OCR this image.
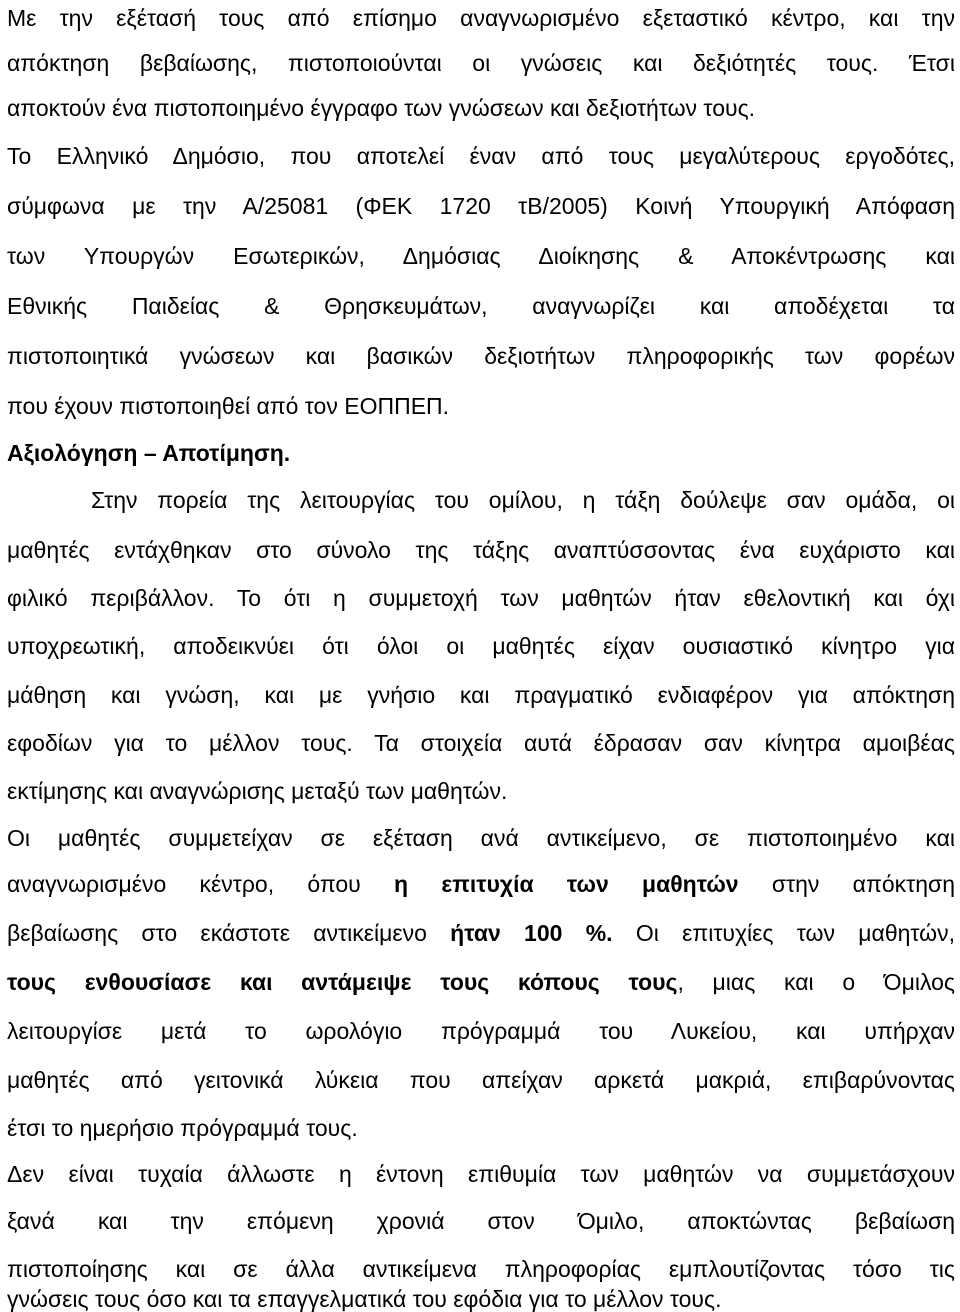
Με την εξέτασή τους από επίσημο αναγνωρισμένο εξεταστικό κέντρο, και την
απόκτηση βεβαίωσης, πιστοποιούνται οι γνώσεις και δεξιότητές τους. Έτσι
αποκτούν ένα πιστοποιημένο έγγραφο των γνώσεων και δεξιοτήτων τους.
Το Ελληνικό Δημόσιο, που αποτελεί έναν από τους μεγαλύτερους εργοδότες,
σύμφωνα με την Α/25081 (ΦΕΚ 1720 τΒ/2005) Κοινή Υπουργική Απόφαση
των Υπουργών Εσωτερικών, Δημόσιας Διοίκησης & Αποκέντρωσης και
Εθνικής Παιδείας & Θρησκευμάτων, αναγνωρίζει και αποδέχεται τα
πιστοποιητικά γνώσεων και βασικών δεξιοτήτων πληροφορικής των φορέων
που έχουν πιστοποιηθεί από τον ΕΟΠΠΕΠ.
Αξιολόγηση – Αποτίμηση.
Στην πορεία της λειτουργίας του ομίλου, η τάξη δούλεψε σαν ομάδα, οι
μαθητές εντάχθηκαν στο σύνολο της τάξης αναπτύσσοντας ένα ευχάριστο και
φιλικό περιβάλλον. Το ότι η συμμετοχή των μαθητών ήταν εθελοντική και όχι
υποχρεωτική, αποδεικνύει ότι όλοι οι μαθητές είχαν ουσιαστικό κίνητρο για
μάθηση και γνώση, και με γνήσιο και πραγματικό ενδιαφέρον για απόκτηση
εφοδίων για το μέλλον τους. Τα στοιχεία αυτά έδρασαν σαν κίνητρα αμοιβέας
εκτίμησης και αναγνώρισης μεταξύ των μαθητών.
Οι μαθητές συμμετείχαν σε εξέταση ανά αντικείμενο, σε πιστοποιημένο και
αναγνωρισμένο κέντρο, όπου η επιτυχία των μαθητών στην απόκτηση
βεβαίωσης στο εκάστοτε αντικείμενο ήταν 100 %. Οι επιτυχίες των μαθητών,
τους ενθουσίασε και αντάμειψε τους κόπους τους, μιας και ο Όμιλος
λειτουργίσε μετά το ωρολόγιο πρόγραμμά του Λυκείου, και υπήρχαν
μαθητές από γειτονικά λύκεια που απείχαν αρκετά μακριά, επιβαρύνοντας
έτσι το ημερήσιο πρόγραμμά τους.
Δεν είναι τυχαία άλλωστε η έντονη επιθυμία των μαθητών να συμμετάσχουν
ξανά και την επόμενη χρονιά στον Όμιλο, αποκτώντας βεβαίωση
πιστοποίησης και σε άλλα αντικείμενα πληροφορίας εμπλουτίζοντας τόσο τις
γνώσεις τους όσο και τα επαγγελματικά του εφόδια για το μέλλον τους.
